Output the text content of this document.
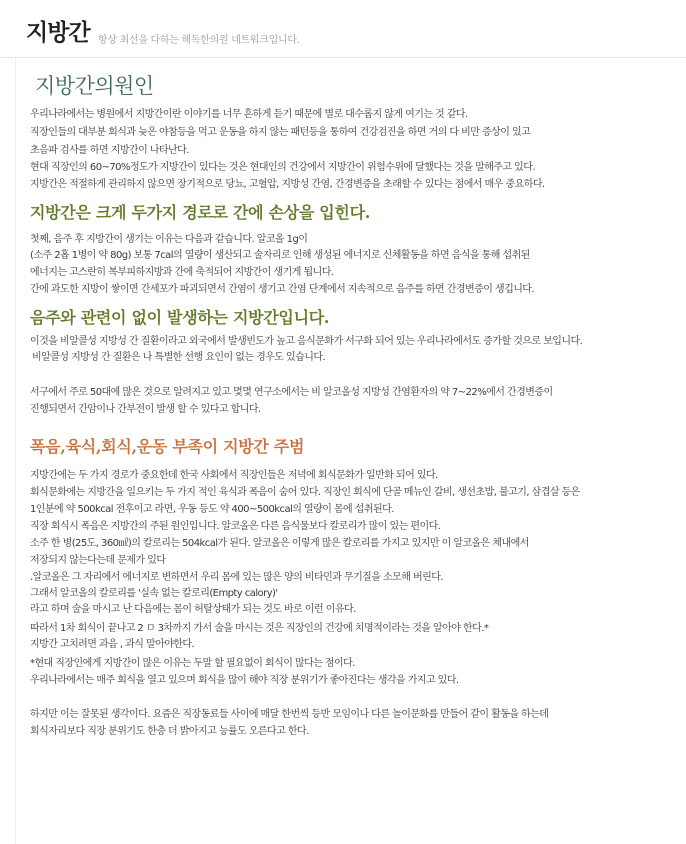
지방간 항상 최선을 다하는 해독한의원 네트워크입니다.
지방간의원인
우리나라에서는 병원에서 지방간이란 이야기를 너무 흔하게 듣기 때문에 별로 대수롭지 않게 여기는 것 같다.
직장인들의 대부분 회식과 늦은 야참등을 먹고 운동을 하지 않는 패턴등을 통하여 건강검진을 하면 거의 다 비만 증상이 있고
초음파 검사를 하면 지방간이 나타난다.
현대 직장인의 60~70%정도가 지방간이 있다는 것은 현대인의 건강에서 지방간이 위험수위에 달했다는 것을 말해주고 있다.
지방간은 적절하게 관리하지 않으면 장기적으로 당뇨, 고혈압, 지방성 간염, 간경변증을 초래할 수 있다는 점에서 매우 중요하다.
지방간은 크게 두가지 경로로 간에 손상을 입힌다.
첫째, 음주 후 지방간이 생기는 이유는 다음과 같습니다. 알코올 1g이
(소주 2홉 1병이 약 80g) 보통 7cal의 열량이 생산되고 술자리로 인해 생성된 에너지로 신체활동을 하면 음식을 통해 섭취된
에너지는 고스란히 복부피하지방과 간에 축적되어 지방간이 생기게 됩니다.
간에 과도한 지방이 쌓이면 간세포가 파괴되면서 간염이 생기고 간염 단계에서 지속적으로 음주를 하면 간경변증이 생깁니다.
음주와 관련이 없이 발생하는 지방간입니다.
이것을 비알콜성 지방성 간 질환이라고 외국에서 발생빈도가 높고 음식문화가 서구화 되어 있는 우리나라에서도 증가할 것으로 보입니다.
비알콜성 지방성 간 질환은 나 특별한 선행 요인이 없는 경우도 있습니다.
서구에서 주로 50대에 많은 것으로 알려지고 있고 몇몇 연구소에서는 비 알코올성 지방성 간염환자의 약 7~22%에서 간경변증이
진행되면서 간암이나 간부전이 발생 할 수 있다고 합니다.
폭음,육식,회식,운동 부족이 지방간 주범
지방간에는 두 가지 경로가 중요한데 한국 사회에서 직장인들은 저녁에 회식문화가 일반화 되어 있다.
회식문화에는 지방간을 일으키는 두 가지 적인 육식과 폭음이 숨어 있다. 직장인 회식에 단골 메뉴인 갈비, 생선초밥, 불고기, 삼겹살 등은
1인분에 약 500kcal 전후이고 라면, 우동 등도 약 400~500kcal의 열량이 몸에 섭취된다.
직장 회식시 폭음은 지방간의 주된 원인입니다. 알코올은 다른 음식물보다 칼로리가 많이 있는 편이다.
소주 한 병(25도, 360㎖)의 칼로리는 504kcal가 된다. 알코올은 이렇게 많은 칼로리를 가지고 있지만 이 알코올은 체내에서
저장되지 않는다는데 문제가 있다
.알코올은 그 자리에서 에너지로 변하면서 우리 몸에 있는 많은 양의 비타민과 무기질을 소모해 버린다.
그래서 알코올의 칼로리를 '실속 없는 칼로리(Empty calory)'
라고 하며 술을 마시고 난 다음에는 몸이 허탈상태가 되는 것도 바로 이런 이유다.
따라서 1차 회식이 끝나고 2 ㅁ 3차까지 가서 술을 마시는 것은 직장인의 건강에 치명적이라는 것을 알아야 한다.*
지방간 고치려면 과음 , 과식 말아야한다.
*현대 직장인에게 지방간이 많은 이유는 두말 할 필요없이 회식이 많다는 점이다.
우리나라에서는 매주 회식을 열고 있으며 회식을 많이 해야 직장 분위기가 좋아진다는 생각을 가지고 있다.
하지만 이는 잘못된 생각이다. 요즘은 직장동료들 사이에 매달 한번씩 등반 모임이나 다른 놀이문화를 만들어 같이 활동을 하는데
회식자리보다 직장 분위기도 한층 더 밝아지고 능률도 오른다고 한다.
